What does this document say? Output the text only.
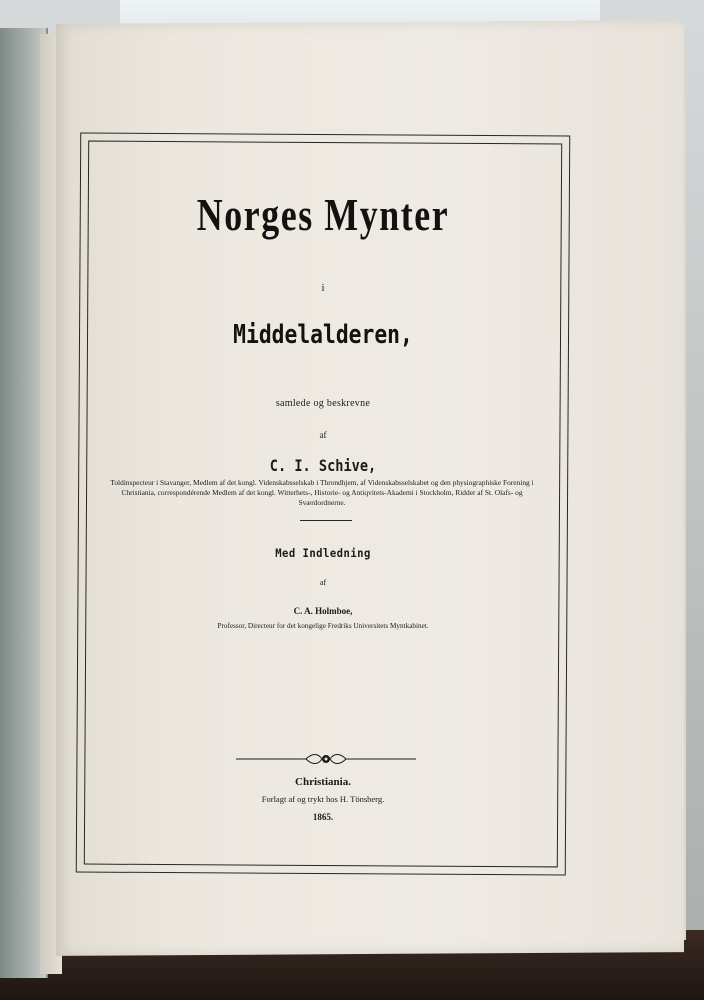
Norges Mynter
i
Middelalderen,
samlede og beskrevne
af
C. I. Schive,
Toldinspecteur i Stavanger, Medlem af det kongl. Videnskabsselskab i Throndhjem, af Videnskabsselskabet og den physiographiske Forening i Christiania, correspondérende Medlem af det kongl. Witterhets-, Historie- og Antiqvitets-Akademi i Stockholm, Ridder af St. Olafs- og Sværdordnerne.
Med Indledning
af
C. A. Holmboe,
Professor, Directeur for det kongelige Fredriks Universitets Myntkabinet.
Christiania.
Forlagt af og trykt hos H. Tönsberg.
1865.
